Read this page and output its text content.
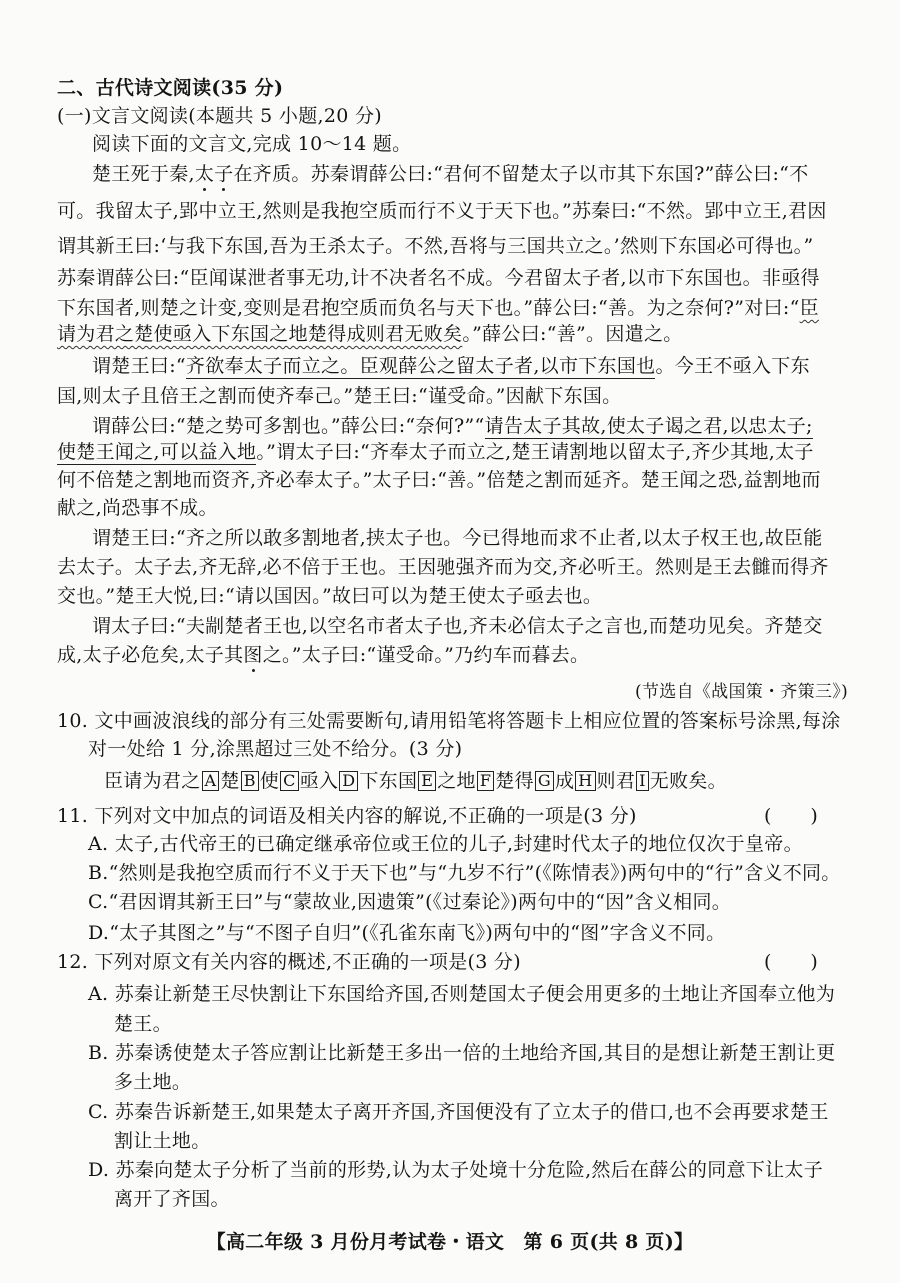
二、古代诗文阅读(35 分)
(一)文言文阅读(本题共 5 小题,20 分)
阅读下面的文言文,完成 10～14 题。
楚王死于秦,太子在齐质。苏秦谓薛公曰:“君何不留楚太子以市其下东国?”薛公曰:“不
可。我留太子,郢中立王,然则是我抱空质而行不义于天下也。”苏秦曰:“不然。郢中立王,君因
谓其新王曰:‘与我下东国,吾为王杀太子。不然,吾将与三国共立之。’然则下东国必可得也。”
苏秦谓薛公曰:“臣闻谋泄者事无功,计不决者名不成。今君留太子者,以市下东国也。非亟得
下东国者,则楚之计变,变则是君抱空质而负名与天下也。”薛公曰:“善。为之奈何?”对曰:“臣
请为君之楚使亟入下东国之地楚得成则君无败矣。”薛公曰:“善”。因遣之。
谓楚王曰:“齐欲奉太子而立之。臣观薛公之留太子者,以市下东国也。今王不亟入下东
国,则太子且倍王之割而使齐奉己。”楚王曰:“谨受命。”因献下东国。
谓薛公曰:“楚之势可多割也。”薛公曰:“奈何?”“请告太子其故,使太子谒之君,以忠太子;
使楚王闻之,可以益入地。”谓太子曰:“齐奉太子而立之,楚王请割地以留太子,齐少其地,太子
何不倍楚之割地而资齐,齐必奉太子。”太子曰:“善。”倍楚之割而延齐。楚王闻之恐,益割地而
献之,尚恐事不成。
谓楚王曰:“齐之所以敢多割地者,挟太子也。今已得地而求不止者,以太子权王也,故臣能
去太子。太子去,齐无辞,必不倍于王也。王因驰强齐而为交,齐必听王。然则是王去雠而得齐
交也。”楚王大悦,曰:“请以国因。”故曰可以为楚王使太子亟去也。
谓太子曰:“夫剬楚者王也,以空名市者太子也,齐未必信太子之言也,而楚功见矣。齐楚交
成,太子必危矣,太子其图之。”太子曰:“谨受命。”乃约车而暮去。
(节选自《战国策・齐策三》)
10. 文中画波浪线的部分有三处需要断句,请用铅笔将答题卡上相应位置的答案标号涂黑,每涂
对一处给 1 分,涂黑超过三处不给分。(3 分)
臣请为君之 A 楚 B 使 C 亟入 D 下东国 E 之地 F 楚得 G 成 H 则君 I 无败矣。
11. 下列对文中加点的词语及相关内容的解说,不正确的一项是(3 分)	(　　)
A. 太子,古代帝王的已确定继承帝位或王位的儿子,封建时代太子的地位仅次于皇帝。
B.“然则是我抱空质而行不义于天下也”与“九岁不行”(《陈情表》)两句中的“行”含义不同。
C.“君因谓其新王曰”与“蒙故业,因遗策”(《过秦论》)两句中的“因”含义相同。
D.“太子其图之”与“不图子自归”(《孔雀东南飞》)两句中的“图”字含义不同。
12. 下列对原文有关内容的概述,不正确的一项是(3 分)	(　　)
A. 苏秦让新楚王尽快割让下东国给齐国,否则楚国太子便会用更多的土地让齐国奉立他为
楚王。
B. 苏秦诱使楚太子答应割让比新楚王多出一倍的土地给齐国,其目的是想让新楚王割让更
多土地。
C. 苏秦告诉新楚王,如果楚太子离开齐国,齐国便没有了立太子的借口,也不会再要求楚王
割让土地。
D. 苏秦向楚太子分析了当前的形势,认为太子处境十分危险,然后在薛公的同意下让太子
离开了齐国。
【高二年级 3 月份月考试卷・语文　第 6 页(共 8 页)】
